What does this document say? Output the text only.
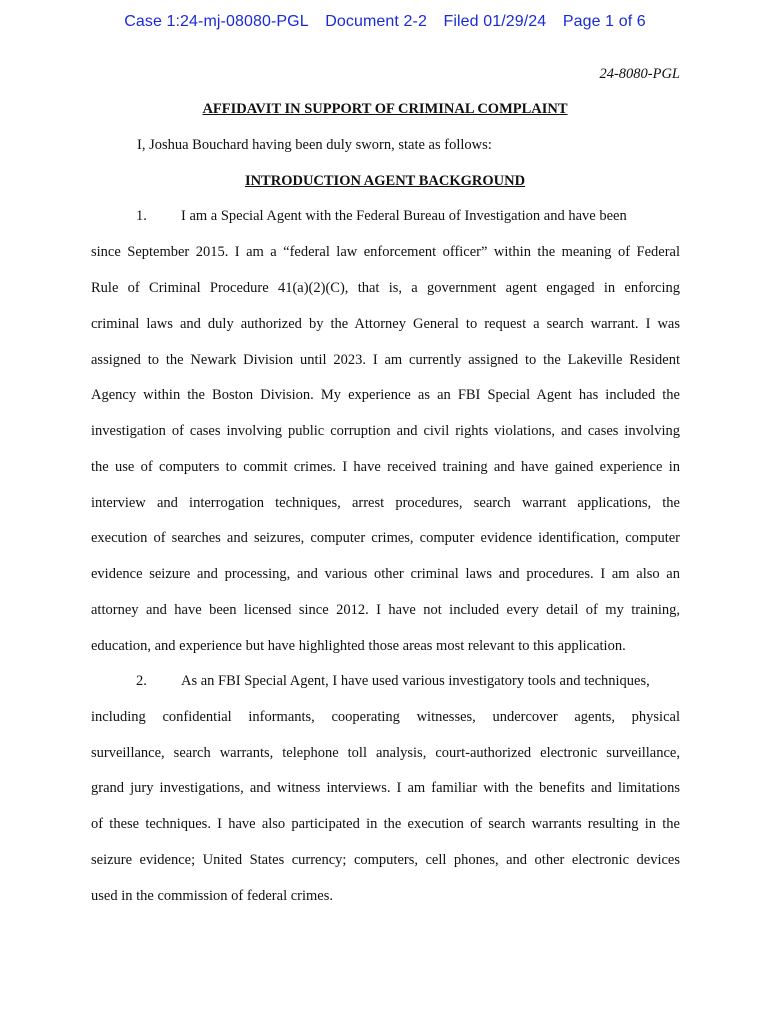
Case 1:24-mj-08080-PGL Document 2-2 Filed 01/29/24 Page 1 of 6
24-8080-PGL
AFFIDAVIT IN SUPPORT OF CRIMINAL COMPLAINT
I, Joshua Bouchard having been duly sworn, state as follows:
INTRODUCTION AGENT BACKGROUND
1. I am a Special Agent with the Federal Bureau of Investigation and have been
since September 2015. I am a “federal law enforcement officer” within the meaning of Federal
Rule of Criminal Procedure 41(a)(2)(C), that is, a government agent engaged in enforcing
criminal laws and duly authorized by the Attorney General to request a search warrant. I was
assigned to the Newark Division until 2023. I am currently assigned to the Lakeville Resident
Agency within the Boston Division. My experience as an FBI Special Agent has included the
investigation of cases involving public corruption and civil rights violations, and cases involving
the use of computers to commit crimes. I have received training and have gained experience in
interview and interrogation techniques, arrest procedures, search warrant applications, the
execution of searches and seizures, computer crimes, computer evidence identification, computer
evidence seizure and processing, and various other criminal laws and procedures. I am also an
attorney and have been licensed since 2012. I have not included every detail of my training,
education, and experience but have highlighted those areas most relevant to this application.
2. As an FBI Special Agent, I have used various investigatory tools and techniques,
including confidential informants, cooperating witnesses, undercover agents, physical
surveillance, search warrants, telephone toll analysis, court-authorized electronic surveillance,
grand jury investigations, and witness interviews. I am familiar with the benefits and limitations
of these techniques. I have also participated in the execution of search warrants resulting in the
seizure evidence; United States currency; computers, cell phones, and other electronic devices
used in the commission of federal crimes.
